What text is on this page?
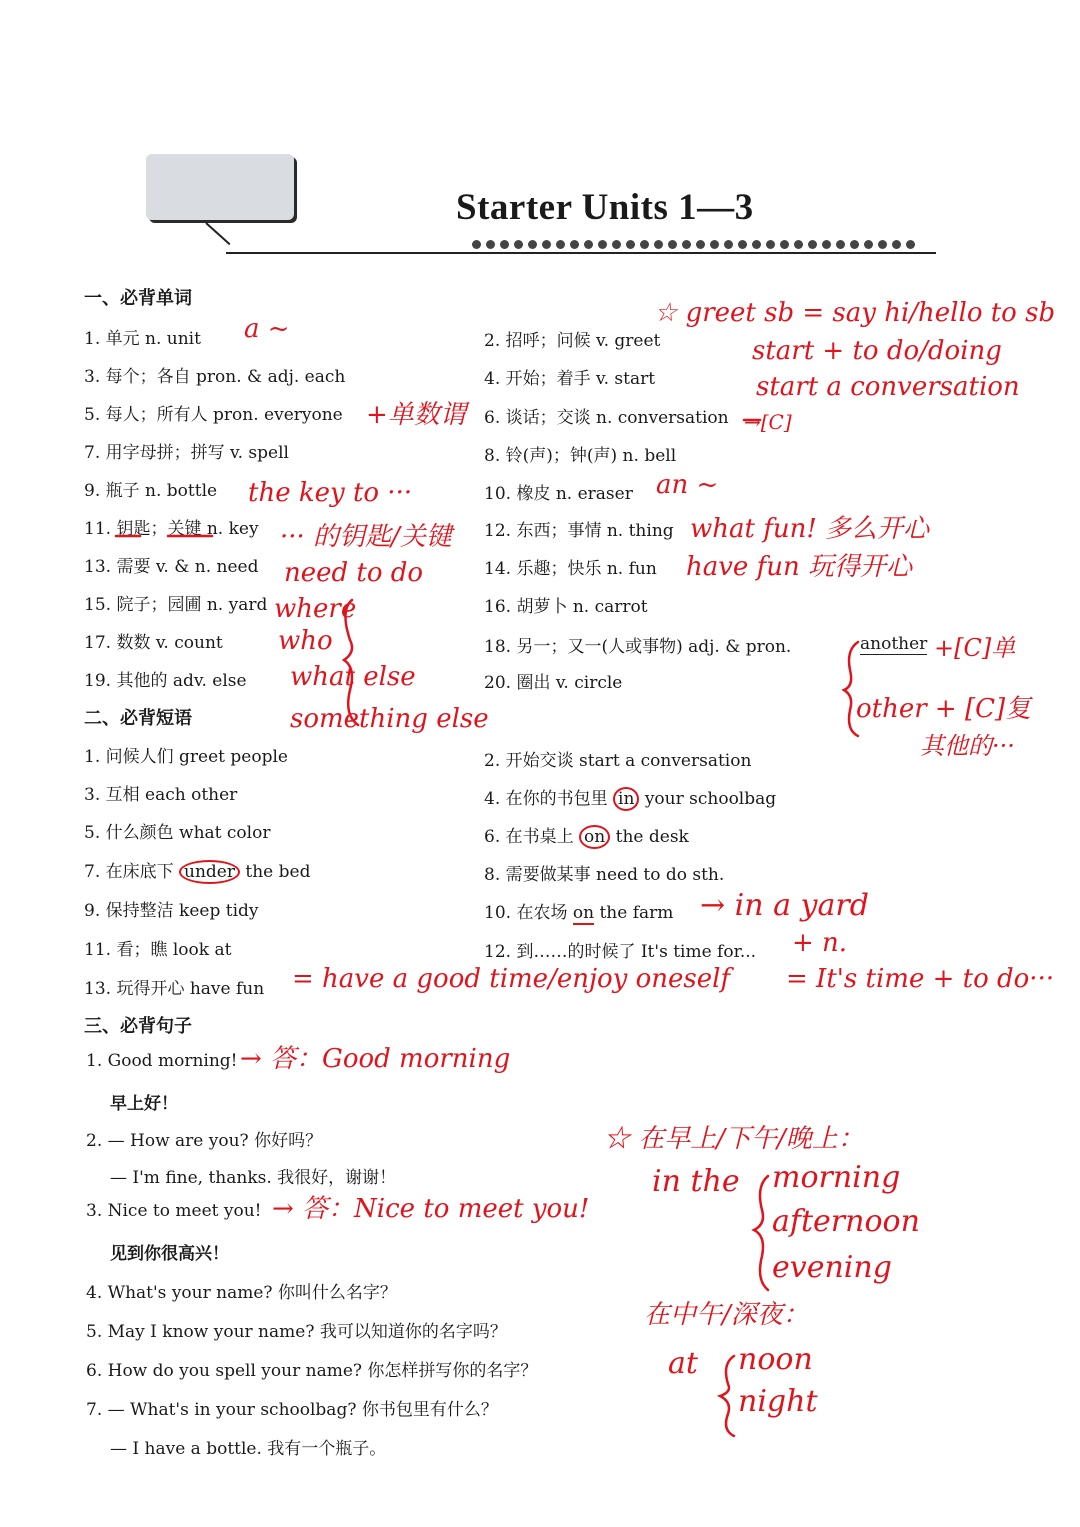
Starter Units 1—3
一、必背单词
1. 单元 n. unit	2. 招呼；问候 v. greet
3. 每个；各自 pron. & adj. each	4. 开始；着手 v. start
5. 每人；所有人 pron. everyone	6. 谈话；交谈 n. conversation
7. 用字母拼；拼写 v. spell	8. 铃(声)；钟(声) n. bell
9. 瓶子 n. bottle	10. 橡皮 n. eraser
11. 钥匙；关键 n. key	12. 东西；事情 n. thing
13. 需要 v. & n. need	14. 乐趣；快乐 n. fun
15. 院子；园圃 n. yard	16. 胡萝卜 n. carrot
17. 数数 v. count	18. 另一；又一(人或事物) adj. & pron.	another
19. 其他的 adv. else	20. 圈出 v. circle
二、必背短语
1. 问候人们 greet people	2. 开始交谈 start a conversation
3. 互相 each other	4. 在你的书包里 in your schoolbag
5. 什么颜色 what color	6. 在书桌上 on the desk
7. 在床底下 under the bed	8. 需要做某事 need to do sth.
9. 保持整洁 keep tidy	10. 在农场 on the farm
11. 看；瞧 look at	12. 到……的时候了 It's time for...
13. 玩得开心 have fun
三、必背句子
1. Good morning!
早上好！
2. — How are you? 你好吗？
— I'm fine, thanks. 我很好，谢谢！
3. Nice to meet you!
见到你很高兴！
4. What's your name? 你叫什么名字？
5. May I know your name? 我可以知道你的名字吗？
6. How do you spell your name? 你怎样拼写你的名字？
7. — What's in your schoolbag? 你书包里有什么？
— I have a bottle. 我有一个瓶子。
a ~
☆ greet sb = say hi/hello to sb
start + to do/doing
start a conversation
→[C]
+单数谓
the key to ···
··· 的钥匙/关键
an ~
what fun! 多么开心
have fun 玩得开心
need to do
where
who
what else
something else
+[C]单
other + [C]复
其他的···
→ in a yard
+ n.
= have a good time/enjoy oneself = It's time + to do···
→ 答：Good morning
→ 答：Nice to meet you!
☆ 在早上/下午/晚上：
in the morning
afternoon
evening
在中午/深夜：
at noon
night
